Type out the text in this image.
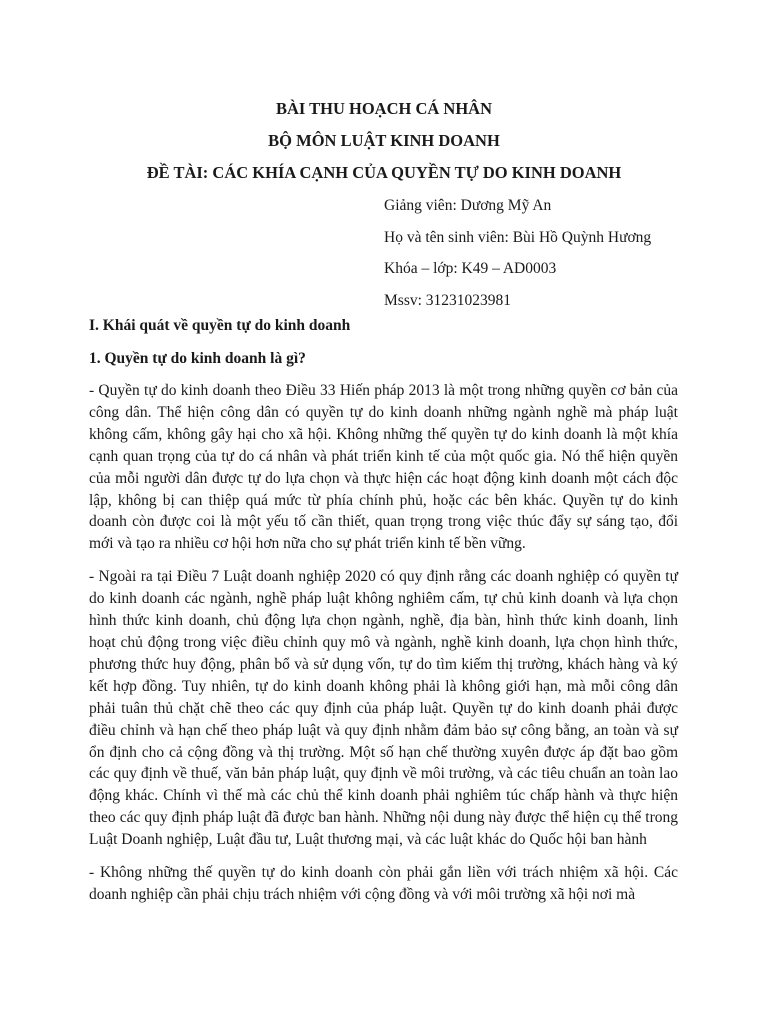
BÀI THU HOẠCH CÁ NHÂN
BỘ MÔN LUẬT KINH DOANH
ĐỀ TÀI: CÁC KHÍA CẠNH CỦA QUYỀN TỰ DO KINH DOANH
Giảng viên: Dương Mỹ An
Họ và tên sinh viên: Bùi Hồ Quỳnh Hương
Khóa – lớp: K49 – AD0003
Mssv: 31231023981
I. Khái quát về quyền tự do kinh doanh
1. Quyền tự do kinh doanh là gì?

- Quyền tự do kinh doanh theo Điều 33 Hiến pháp 2013 là một trong những quyền cơ bản của công dân. Thể hiện công dân có quyền tự do kinh doanh những ngành nghề mà pháp luật không cấm, không gây hại cho xã hội. Không những thế quyền tự do kinh doanh là một khía cạnh quan trọng của tự do cá nhân và phát triển kinh tế của một quốc gia. Nó thể hiện quyền của mỗi người dân được tự do lựa chọn và thực hiện các hoạt động kinh doanh một cách độc lập, không bị can thiệp quá mức từ phía chính phủ, hoặc các bên khác. Quyền tự do kinh doanh còn được coi là một yếu tố cần thiết, quan trọng trong việc thúc đẩy sự sáng tạo, đổi mới và tạo ra nhiều cơ hội hơn nữa cho sự phát triển kinh tế bền vững.

- Ngoài ra tại Điều 7 Luật doanh nghiệp 2020 có quy định rằng các doanh nghiệp có quyền tự do kinh doanh các ngành, nghề pháp luật không nghiêm cấm, tự chủ kinh doanh và lựa chọn hình thức kinh doanh, chủ động lựa chọn ngành, nghề, địa bàn, hình thức kinh doanh, linh hoạt chủ động trong việc điều chỉnh quy mô và ngành, nghề kinh doanh, lựa chọn hình thức, phương thức huy động, phân bổ và sử dụng vốn, tự do tìm kiếm thị trường, khách hàng và ký kết hợp đồng. Tuy nhiên, tự do kinh doanh không phải là không giới hạn, mà mỗi công dân phải tuân thủ chặt chẽ theo các quy định của pháp luật. Quyền tự do kinh doanh phải được điều chỉnh và hạn chế theo pháp luật và quy định nhằm đảm bảo sự công bằng, an toàn và sự ổn định cho cả cộng đồng và thị trường. Một số hạn chế thường xuyên được áp đặt bao gồm các quy định về thuế, văn bản pháp luật, quy định về môi trường, và các tiêu chuẩn an toàn lao động khác. Chính vì thế mà các chủ thể kinh doanh phải nghiêm túc chấp hành và thực hiện theo các quy định pháp luật đã được ban hành. Những nội dung này được thể hiện cụ thể trong Luật Doanh nghiệp, Luật đầu tư, Luật thương mại, và các luật khác do Quốc hội ban hành

- Không những thế quyền tự do kinh doanh còn phải gắn liền với trách nhiệm xã hội. Các doanh nghiệp cần phải chịu trách nhiệm với cộng đồng và với môi trường xã hội nơi mà
